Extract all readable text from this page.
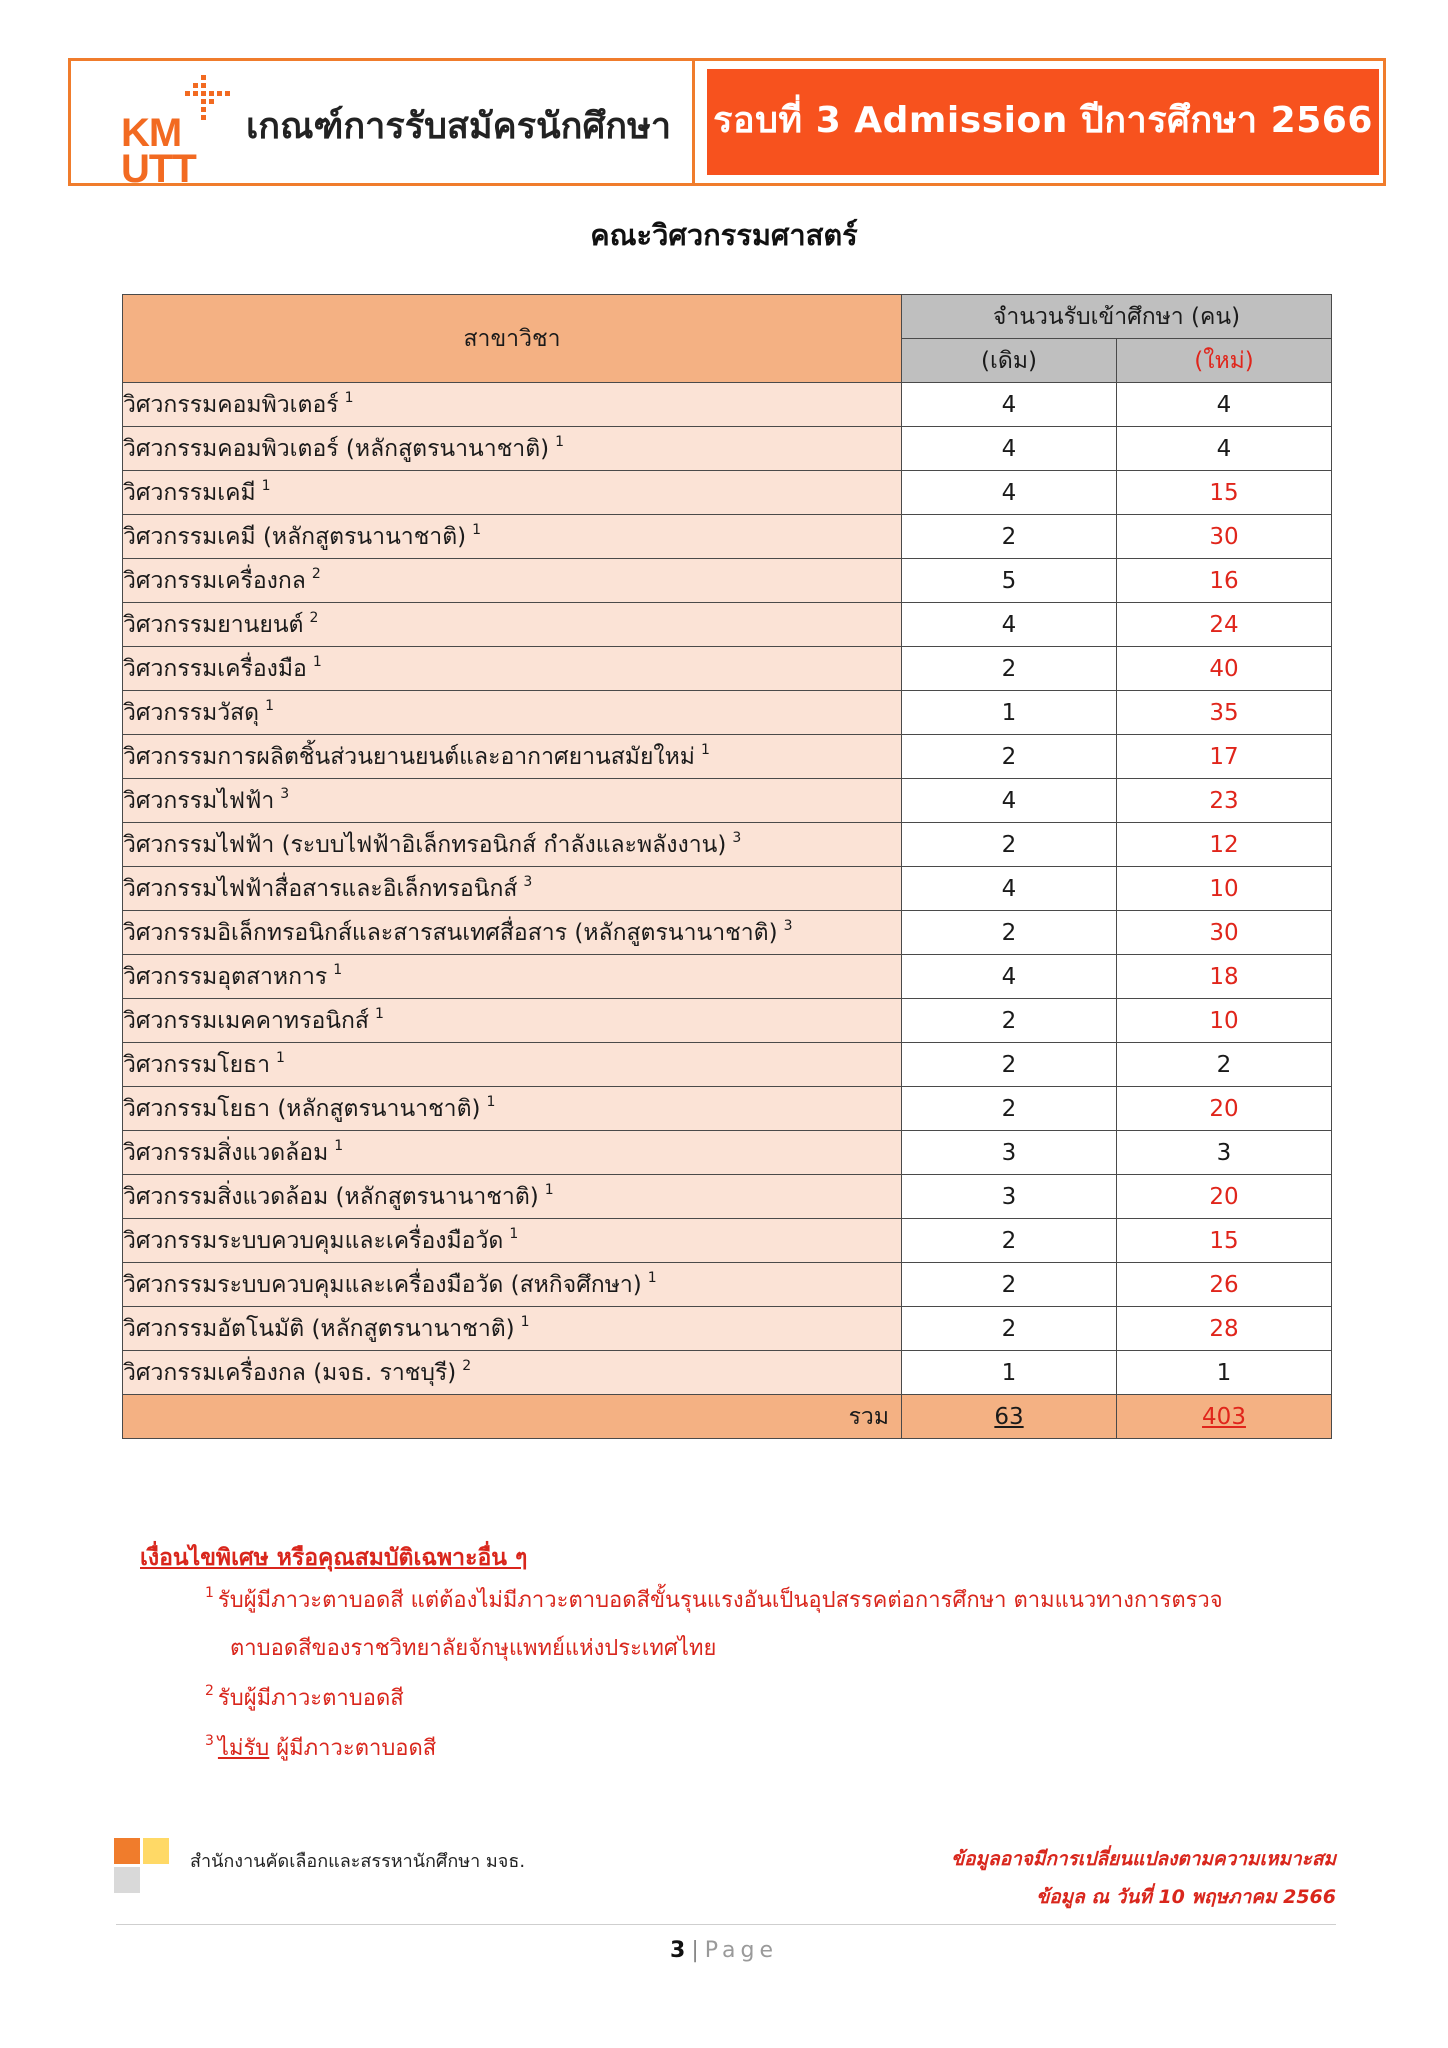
KM
UTT
เกณฑ์การรับสมัครนักศึกษา รอบที่ 3 Admission ปีการศึกษา 2566
คณะวิศวกรรมศาสตร์
สาขาวิชา	จำนวนรับเข้าศึกษา (คน)	
	(เดิม)	(ใหม่)
วิศวกรรมคอมพิวเตอร์ $^1$	4	4
วิศวกรรมคอมพิวเตอร์ (หลักสูตรนานาชาติ) $^1$	4	4
วิศวกรรมเคมี $^1$	4	15
วิศวกรรมเคมี (หลักสูตรนานาชาติ) $^1$	2	30
วิศวกรรมเครื่องกล $^2$	5	16
วิศวกรรมยานยนต์ $^2$	4	24
วิศวกรรมเครื่องมือ $^1$	2	40
วิศวกรรมวัสดุ $^1$	1	35
วิศวกรรมการผลิตชิ้นส่วนยานยนต์และอากาศยานสมัยใหม่ $^1$	2	17
วิศวกรรมไฟฟ้า $^3$	4	23
วิศวกรรมไฟฟ้า (ระบบไฟฟ้าอิเล็กทรอนิกส์ กำลังและพลังงาน) $^3$	2	12
วิศวกรรมไฟฟ้าสื่อสารและอิเล็กทรอนิกส์ $^3$	4	10
วิศวกรรมอิเล็กทรอนิกส์และสารสนเทศสื่อสาร (หลักสูตรนานาชาติ) $^3$	2	30
วิศวกรรมอุตสาหการ $^1$	4	18
วิศวกรรมเมคคาทรอนิกส์ $^1$	2	10
วิศวกรรมโยธา $^1$	2	2
วิศวกรรมโยธา (หลักสูตรนานาชาติ) $^1$	2	20
วิศวกรรมสิ่งแวดล้อม $^1$	3	3
วิศวกรรมสิ่งแวดล้อม (หลักสูตรนานาชาติ) $^1$	3	20
วิศวกรรมระบบควบคุมและเครื่องมือวัด $^1$	2	15
วิศวกรรมระบบควบคุมและเครื่องมือวัด (สหกิจศึกษา) $^1$	2	26
วิศวกรรมอัตโนมัติ (หลักสูตรนานาชาติ) $^1$	2	28
วิศวกรรมเครื่องกล (มจธ. ราชบุรี) $^2$	1	1
รวม	63	403
เงื่อนไขพิเศษ หรือคุณสมบัติเฉพาะอื่น ๆ
$^1$ รับผู้มีภาวะตาบอดสี แต่ต้องไม่มีภาวะตาบอดสีขั้นรุนแรงอันเป็นอุปสรรคต่อการศึกษา ตามแนวทางการตรวจ
ตาบอดสีของราชวิทยาลัยจักษุแพทย์แห่งประเทศไทย
$^2$ รับผู้มีภาวะตาบอดสี
$^3$ ไม่รับ ผู้มีภาวะตาบอดสี
สำนักงานคัดเลือกและสรรหานักศึกษา มจธ.	ข้อมูลอาจมีการเปลี่ยนแปลงตามความเหมาะสม
ข้อมูล ณ วันที่ 10 พฤษภาคม 2566
3 | Page
